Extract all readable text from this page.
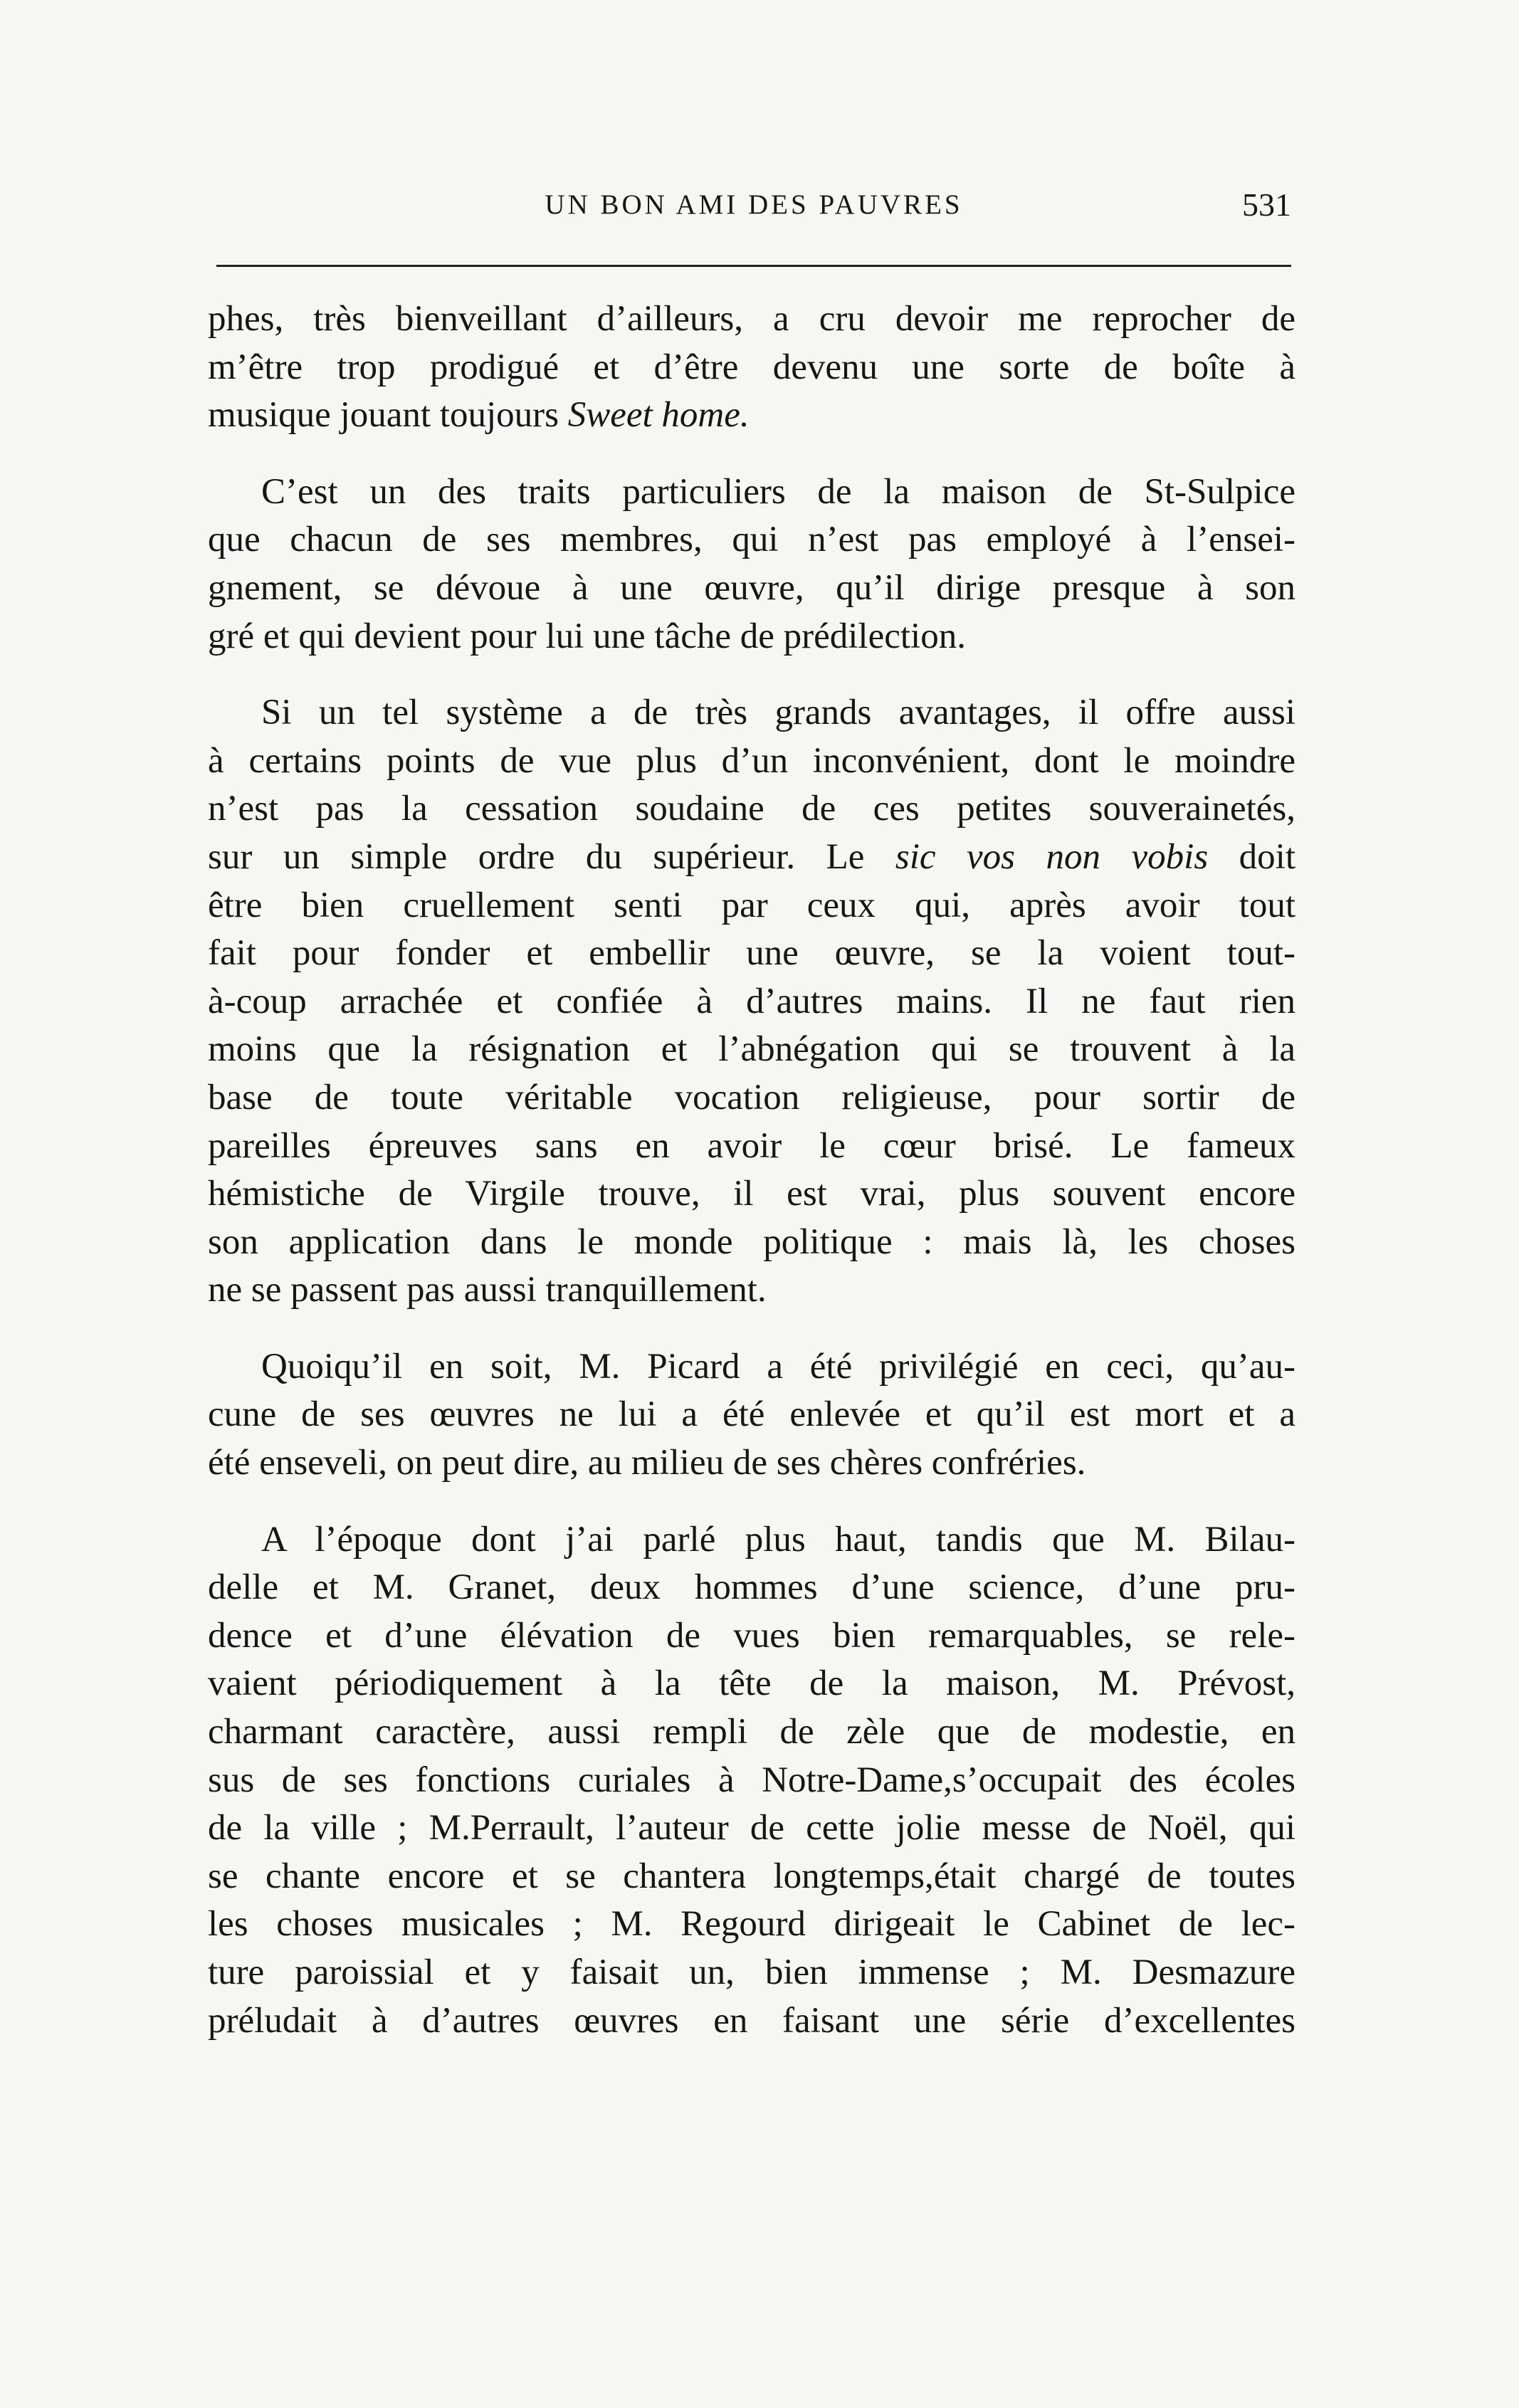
UN BON AMI DES PAUVRES	531
phes, très bienveillant d’ailleurs, a cru devoir me reprocher de
m’être trop prodigué et d’être devenu une sorte de boîte à
musique jouant toujours Sweet home.
C’est un des traits particuliers de la maison de St-Sulpice
que chacun de ses membres, qui n’est pas employé à l’ensei-
gnement, se dévoue à une œuvre, qu’il dirige presque à son
gré et qui devient pour lui une tâche de prédilection.
Si un tel système a de très grands avantages, il offre aussi
à certains points de vue plus d’un inconvénient, dont le moindre
n’est pas la cessation soudaine de ces petites souverainetés,
sur un simple ordre du supérieur. Le sic vos non vobis doit
être bien cruellement senti par ceux qui, après avoir tout
fait pour fonder et embellir une œuvre, se la voient tout-
à-coup arrachée et confiée à d’autres mains. Il ne faut rien
moins que la résignation et l’abnégation qui se trouvent à la
base de toute véritable vocation religieuse, pour sortir de
pareilles épreuves sans en avoir le cœur brisé. Le fameux
hémistiche de Virgile trouve, il est vrai, plus souvent encore
son application dans le monde politique : mais là, les choses
ne se passent pas aussi tranquillement.
Quoiqu’il en soit, M. Picard a été privilégié en ceci, qu’au-
cune de ses œuvres ne lui a été enlevée et qu’il est mort et a
été enseveli, on peut dire, au milieu de ses chères confréries.
A l’époque dont j’ai parlé plus haut, tandis que M. Bilau-
delle et M. Granet, deux hommes d’une science, d’une pru-
dence et d’une élévation de vues bien remarquables, se rele-
vaient périodiquement à la tête de la maison, M. Prévost,
charmant caractère, aussi rempli de zèle que de modestie, en
sus de ses fonctions curiales à Notre-Dame,s’occupait des écoles
de la ville ; M.Perrault, l’auteur de cette jolie messe de Noël, qui
se chante encore et se chantera longtemps,était chargé de toutes
les choses musicales ; M. Regourd dirigeait le Cabinet de lec-
ture paroissial et y faisait un, bien immense ; M. Desmazure
préludait à d’autres œuvres en faisant une série d’excellentes
